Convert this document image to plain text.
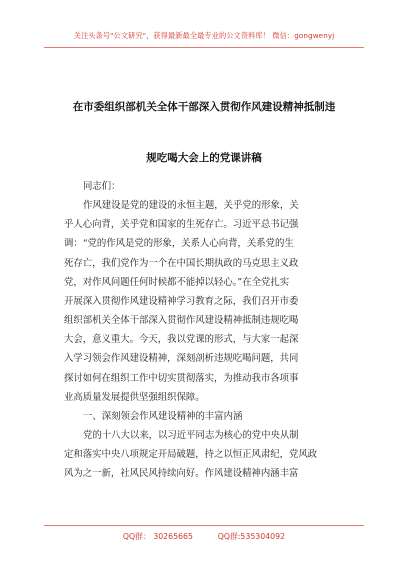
关注头条号"公文研究"，获得最新最全最专业的公文资料库！ 微信：gongwenyj
在市委组织部机关全体干部深入贯彻作风建设精神抵制违
规吃喝大会上的党课讲稿

同志们：

作风建设是党的建设的永恒主题，关乎党的形象，关

乎人心向背，关乎党和国家的生死存亡。习近平总书记强

调：“党的作风是党的形象，关系人心向背，关系党的生

死存亡，我们党作为一个在中国长期执政的马克思主义政

党，对作风问题任何时候都不能掉以轻心。”在全党扎实

开展深入贯彻作风建设精神学习教育之际，我们召开市委

组织部机关全体干部深入贯彻作风建设精神抵制违规吃喝

大会，意义重大。今天，我以党课的形式，与大家一起深

入学习领会作风建设精神，深刻剖析违规吃喝问题，共同

探讨如何在组织工作中切实贯彻落实，为推动我市各项事

业高质量发展提供坚强组织保障。

一、深刻领会作风建设精神的丰富内涵

党的十八大以来，以习近平同志为核心的党中央从制

定和落实中央八项规定开局破题，持之以恒正风肃纪，党风政

风为之一新，社风民风持续向好。作风建设精神内涵丰富

QQ群： 30265665          QQ群:535304092
